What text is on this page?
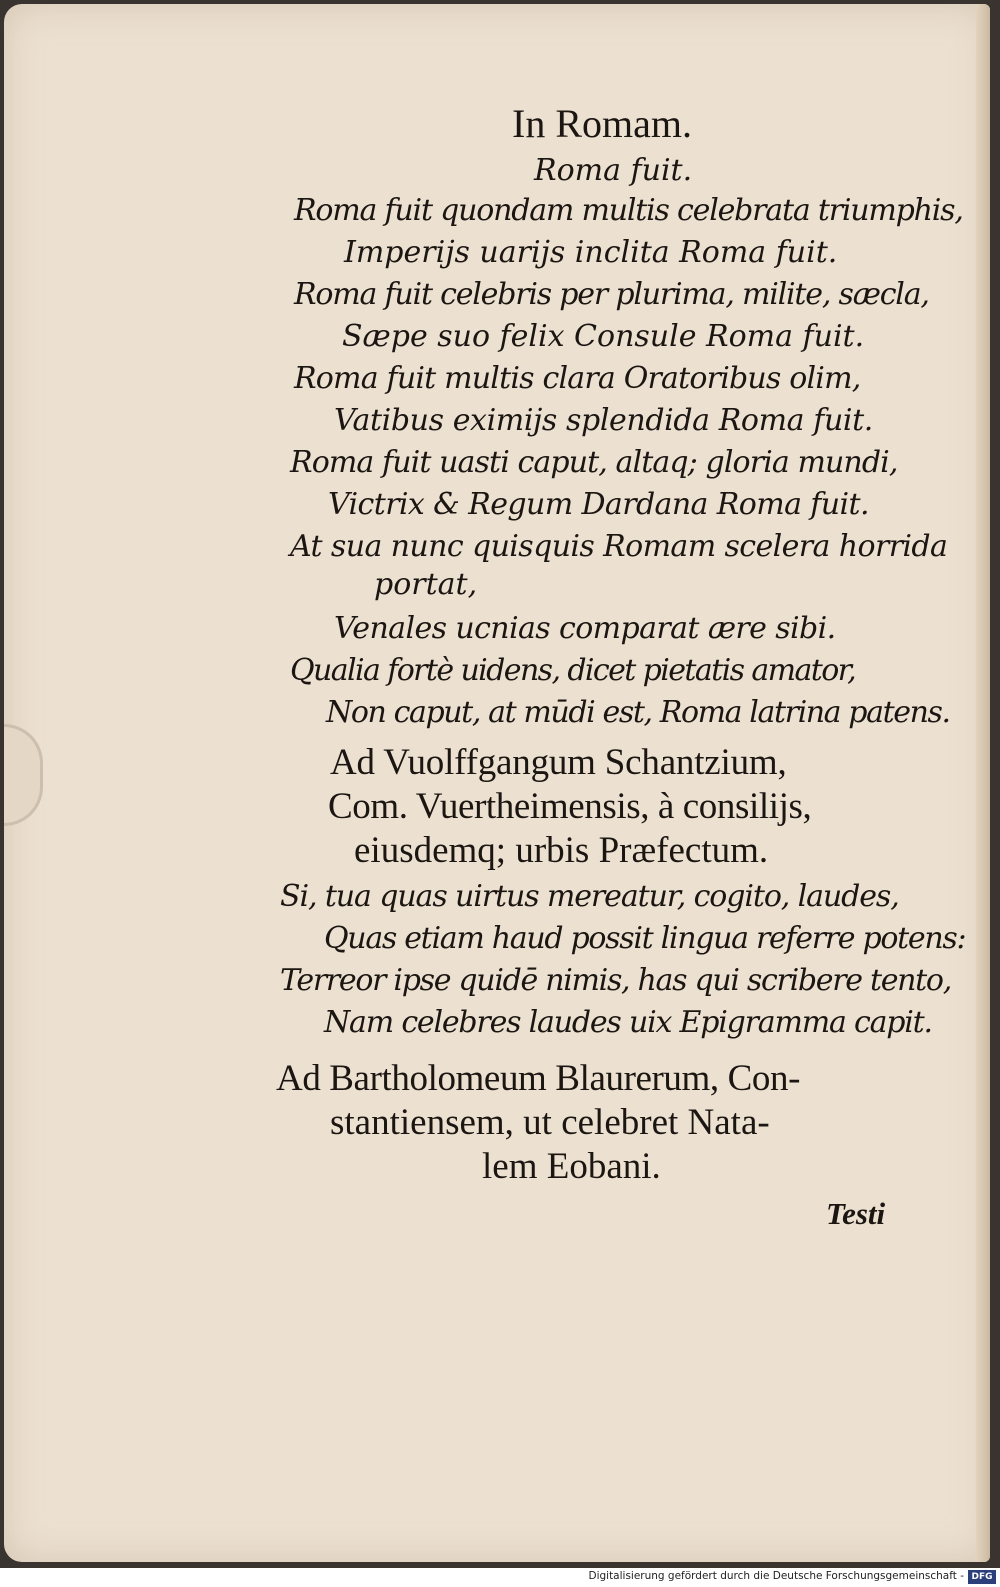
In Romam.

Roma fuit.

Roma fuit quondam multis celebrata triumphis,

Imperijs uarijs inclita Roma fuit.

Roma fuit celebris per plurima, milite, sæcla,

Sæpe suo felix Consule Roma fuit.

Roma fuit multis clara Oratoribus olim,

Vatibus eximijs splendida Roma fuit.

Roma fuit uasti caput, altaq; gloria mundi,

Victrix & Regum Dardana Roma fuit.

At sua nunc quisquis Romam scelera horrida

portat,

Venales ucnias comparat ære sibi.

Qualia fortè uidens, dicet pietatis amator,

Non caput, at mūdi est, Roma latrina patens.

Ad Vuolffgangum Schantzium,

Com. Vuertheimensis, à consilijs,

eiusdemq; urbis Præfectum.

Si, tua quas uirtus mereatur, cogito, laudes,

Quas etiam haud possit lingua referre potens:

Terreor ipse quidē nimis, has qui scribere tento,

Nam celebres laudes uix Epigramma capit.

Ad Bartholomeum Blaurerum, Con-

stantiensem, ut celebret Nata-

lem Eobani.

Testi

Digitalisierung gefördert durch die Deutsche Forschungsgemeinschaft - DFG
